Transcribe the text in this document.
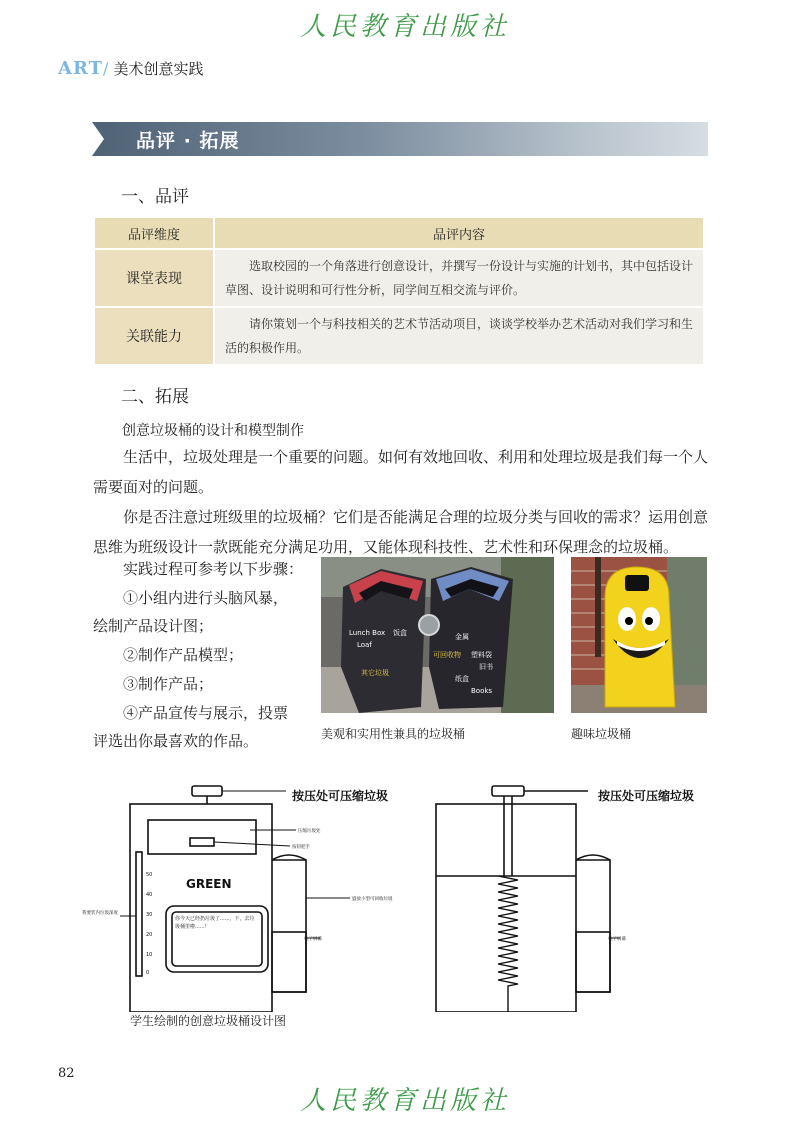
人民教育出版社
ART/ 美术创意实践
品评 · 拓展
一、品评
品评维度	品评内容
课堂表现	选取校园的一个角落进行创意设计，并撰写一份设计与实施的计划书，其中包括设计草图、设计说明和可行性分析，同学间互相交流与评价。
关联能力	请你策划一个与科技相关的艺术节活动项目，谈谈学校举办艺术活动对我们学习和生活的积极作用。
二、拓展
创意垃圾桶的设计和模型制作
生活中，垃圾处理是一个重要的问题。如何有效地回收、利用和处理垃圾是我们每一个人需要面对的问题。
你是否注意过班级里的垃圾桶？它们是否能满足合理的垃圾分类与回收的需求？运用创意思维为班级设计一款既能充分满足功用，又能体现科技性、艺术性和环保理念的垃圾桶。
实践过程可参考以下步骤：
①小组内进行头脑风暴，
绘制产品设计图；
②制作产品模型；
③制作产品；
④产品宣传与展示，投票
评选出你最喜欢的作品。
Lunch Box 饭盒
Loaf
其它垃圾
金属
塑料袋
可回收物
旧书
纸盒
Books
美观和实用性兼具的垃圾桶	趣味垃圾桶
按压处可压缩垃圾	按压处可压缩垃圾
GREEN
50
40
30
20
10
0
我要装内垃圾深度
压缩垃圾处
按钮把手
盛放小型可回收垃圾
电子屏幕	电子屏幕
你今天已经扔垃圾了......，下，去垃圾桶里啦......！
学生绘制的创意垃圾桶设计图
82
人民教育出版社
